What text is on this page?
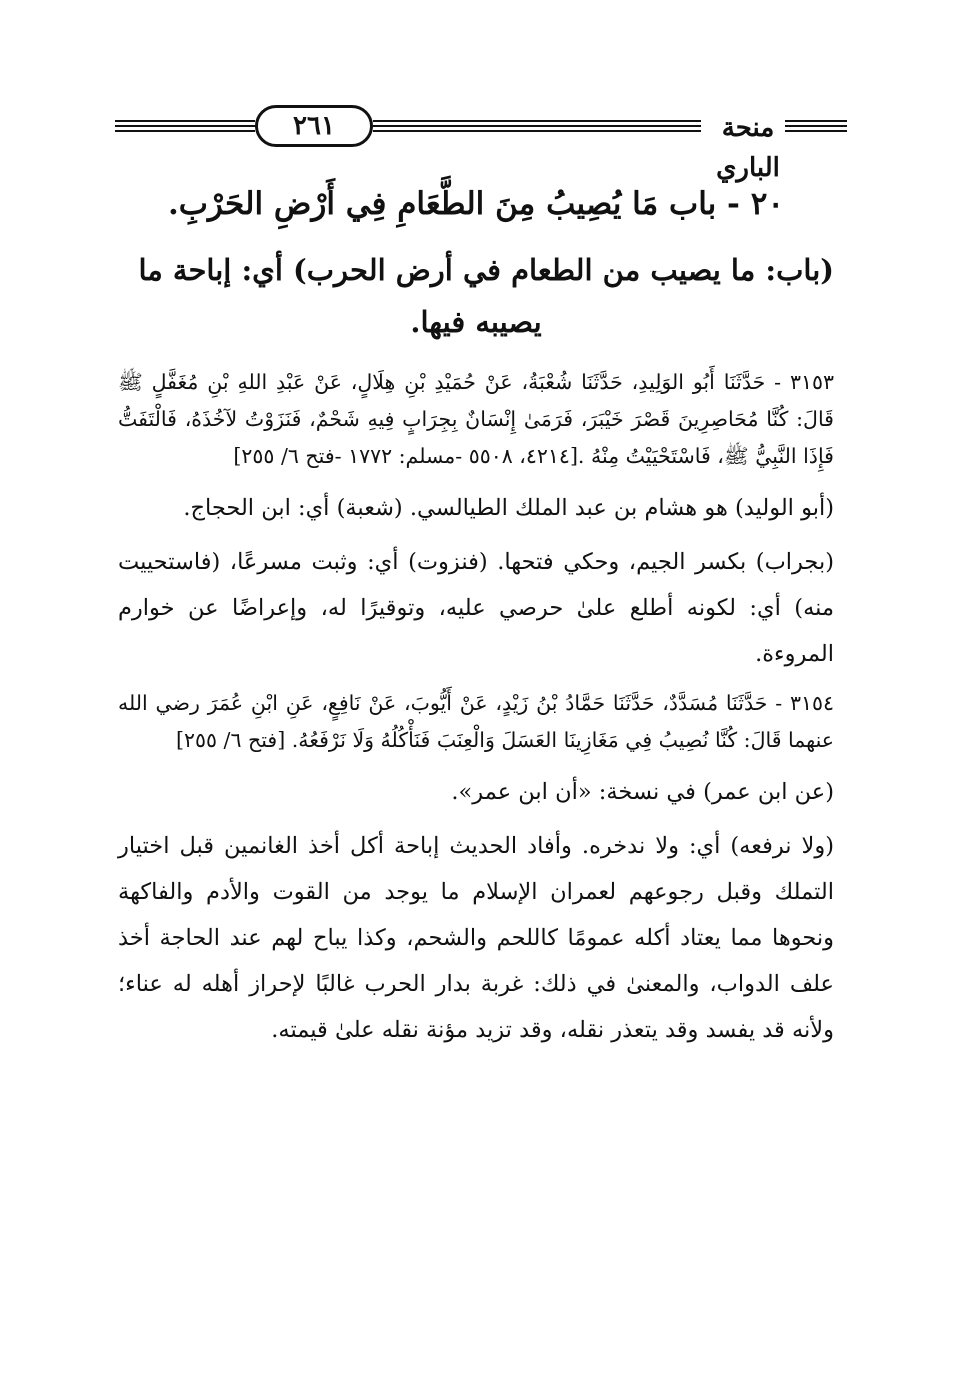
٢٦١	منحة الباري
٢٠ - باب مَا يُصِيبُ مِنَ الطَّعَامِ فِي أَرْضِ الحَرْبِ.
(باب: ما يصيب من الطعام في أرض الحرب) أي: إباحة ما
يصيبه فيها.

٣١٥٣ - حَدَّثَنَا أَبُو الوَلِيدِ، حَدَّثَنَا شُعْبَةُ، عَنْ حُمَيْدِ بْنِ هِلَالٍ، عَنْ عَبْدِ اللهِ بْنِ مُغَفَّلٍ ﷺ قَالَ: كُنَّا مُحَاصِرِينَ قَصْرَ خَيْبَرَ، فَرَمَىٰ إِنْسَانٌ بِجِرَابٍ فِيهِ شَحْمٌ، فَنَزَوْتُ لآخُذَهُ، فَالْتَفَتُّ فَإِذَا النَّبِيُّ ﷺ، فَاسْتَحْيَيْتُ مِنْهُ .[٤٢١٤، ٥٥٠٨ -مسلم: ١٧٧٢ -فتح ٦/ ٢٥٥]

(أبو الوليد) هو هشام بن عبد الملك الطيالسي. (شعبة) أي: ابن الحجاج.

(بجراب) بكسر الجيم، وحكي فتحها. (فنزوت) أي: وثبت مسرعًا، (فاستحييت منه) أي: لكونه أطلع علىٰ حرصي عليه، وتوقيرًا له، وإعراضًا عن خوارم المروءة.

٣١٥٤ - حَدَّثَنَا مُسَدَّدٌ، حَدَّثَنَا حَمَّادُ بْنُ زَيْدٍ، عَنْ أَيُّوبَ، عَنْ نَافِعٍ، عَنِ ابْنِ عُمَرَ رضي الله عنهما قَالَ: كُنَّا نُصِيبُ فِي مَغَازِينَا العَسَلَ وَالْعِنَبَ فَنَأْكُلُهُ وَلَا نَرْفَعُهُ. [فتح ٦/ ٢٥٥]

(عن ابن عمر) في نسخة: «أن ابن عمر».

(ولا نرفعه) أي: ولا ندخره. وأفاد الحديث إباحة أكل أخذ الغانمين قبل اختيار التملك وقبل رجوعهم لعمران الإسلام ما يوجد من القوت والأدم والفاكهة ونحوها مما يعتاد أكله عمومًا كاللحم والشحم، وكذا يباح لهم عند الحاجة أخذ علف الدواب، والمعنىٰ في ذلك: غربة بدار الحرب غالبًا لإحراز أهله له عناء؛ ولأنه قد يفسد وقد يتعذر نقله، وقد تزيد مؤنة نقله علىٰ قيمته.
